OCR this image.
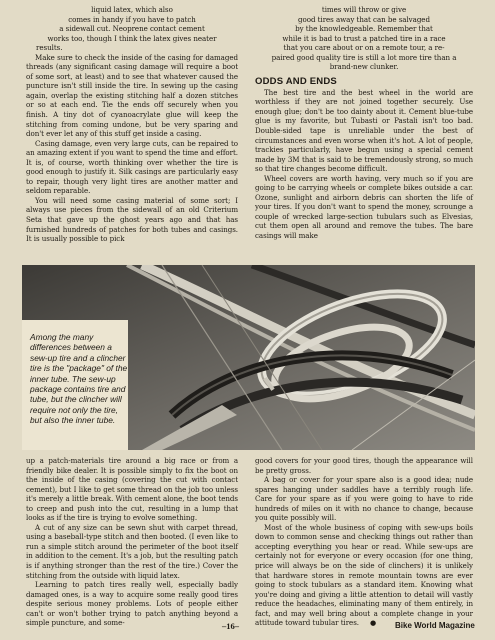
liquid latex, which also

comes in handy if you have to patch

a sidewall cut. Neoprene contact cement

works too, though I think the latex gives neater

results.

Make sure to check the inside of the casing for damaged threads (any significant casing damage will require a boot of some sort, at least) and to see that whatever caused the puncture isn't still inside the tire. In sewing up the casing again, overlap the existing stitching half a dozen stitches or so at each end. Tie the ends off securely when you finish. A tiny dot of cyanoacrylate glue will keep the stitching from coming undone, but be very sparing and don't ever let any of this stuff get inside a casing.

Casing damage, even very large cuts, can be repaired to an amazing extent if you want to spend the time and effort. It is, of course, worth thinking over whether the tire is good enough to justify it. Silk casings are particularly easy to repair, though very light tires are another matter and seldom reparable.

You will need some casing material of some sort; I always use pieces from the sidewall of an old Criterium Seta that gave up the ghost years ago and that has furnished hundreds of patches for both tubes and casings. It is usually possible to pick

times will throw or give

good tires away that can be salvaged

by the knowledgeable. Remember that

while it is bad to trust a patched tire in a race

that you care about or on a remote tour, a re-

paired good quality tire is still a lot more tire than a

brand-new clunker.

ODDS AND ENDS

The best tire and the best wheel in the world are worthless if they are not joined together securely. Use enough glue; don't be too dainty about it. Cement blue-tube glue is my favorite, but Tubasti or Pastali isn't too bad. Double-sided tape is unreliable under the best of circumstances and even worse when it's hot. A lot of people, trackies particularly, have begun using a special cement made by 3M that is said to be tremendously strong, so much so that tire changes become difficult.

Wheel covers are worth having, very much so if you are going to be carrying wheels or complete bikes outside a car. Ozone, sunlight and airborn debris can shorten the life of your tires. If you don't want to spend the money, scrounge a couple of wrecked large-section tubulars such as Elvesias, cut them open all around and remove the tubes. The bare casings will make

Among the many differences between a sew-up tire and a clincher tire is the "package" of the inner tube. The sew-up package contains tire and tube, but the clincher will require not only the tire, but also the inner tube.

up a patch-materials tire around a big race or from a friendly bike dealer. It is possible simply to fix the boot on the inside of the casing (covering the cut with contact cement), but I like to get some thread on the job too unless it's merely a little break. With cement alone, the boot tends to creep and push into the cut, resulting in a lump that looks as if the tire is trying to evolve something.

A cut of any size can be sewn shut with carpet thread, using a baseball-type stitch and then booted. (I even like to run a simple stitch around the perimeter of the boot itself in addition to the cement. It's a job, but the resulting patch is if anything stronger than the rest of the tire.) Cover the stitching from the outside with liquid latex.

Learning to patch tires really well, especially badly damaged ones, is a way to acquire some really good tires despite serious money problems. Lots of people either can't or won't bother trying to patch anything beyond a simple puncture, and some-

good covers for your good tires, though the appearance will be pretty gross.

A bag or cover for your spare also is a good idea; nude spares hanging under saddles have a terribly rough life. Care for your spare as if you were going to have to ride hundreds of miles on it with no chance to change, because you quite possibly will.

Most of the whole business of coping with sew-ups boils down to common sense and checking things out rather than accepting everything you hear or read. While sew-ups are certainly not for everyone or every occasion (for one thing, price will always be on the side of clinchers) it is unlikely that hardware stores in remote mountain towns are ever going to stock tubulars as a standard item. Knowing what you're doing and giving a little attention to detail will vastly reduce the headaches, eliminating many of them entirely, in fact, and may well bring about a complete change in your attitude toward tubular tires. ●

–16–	Bike World Magazine
